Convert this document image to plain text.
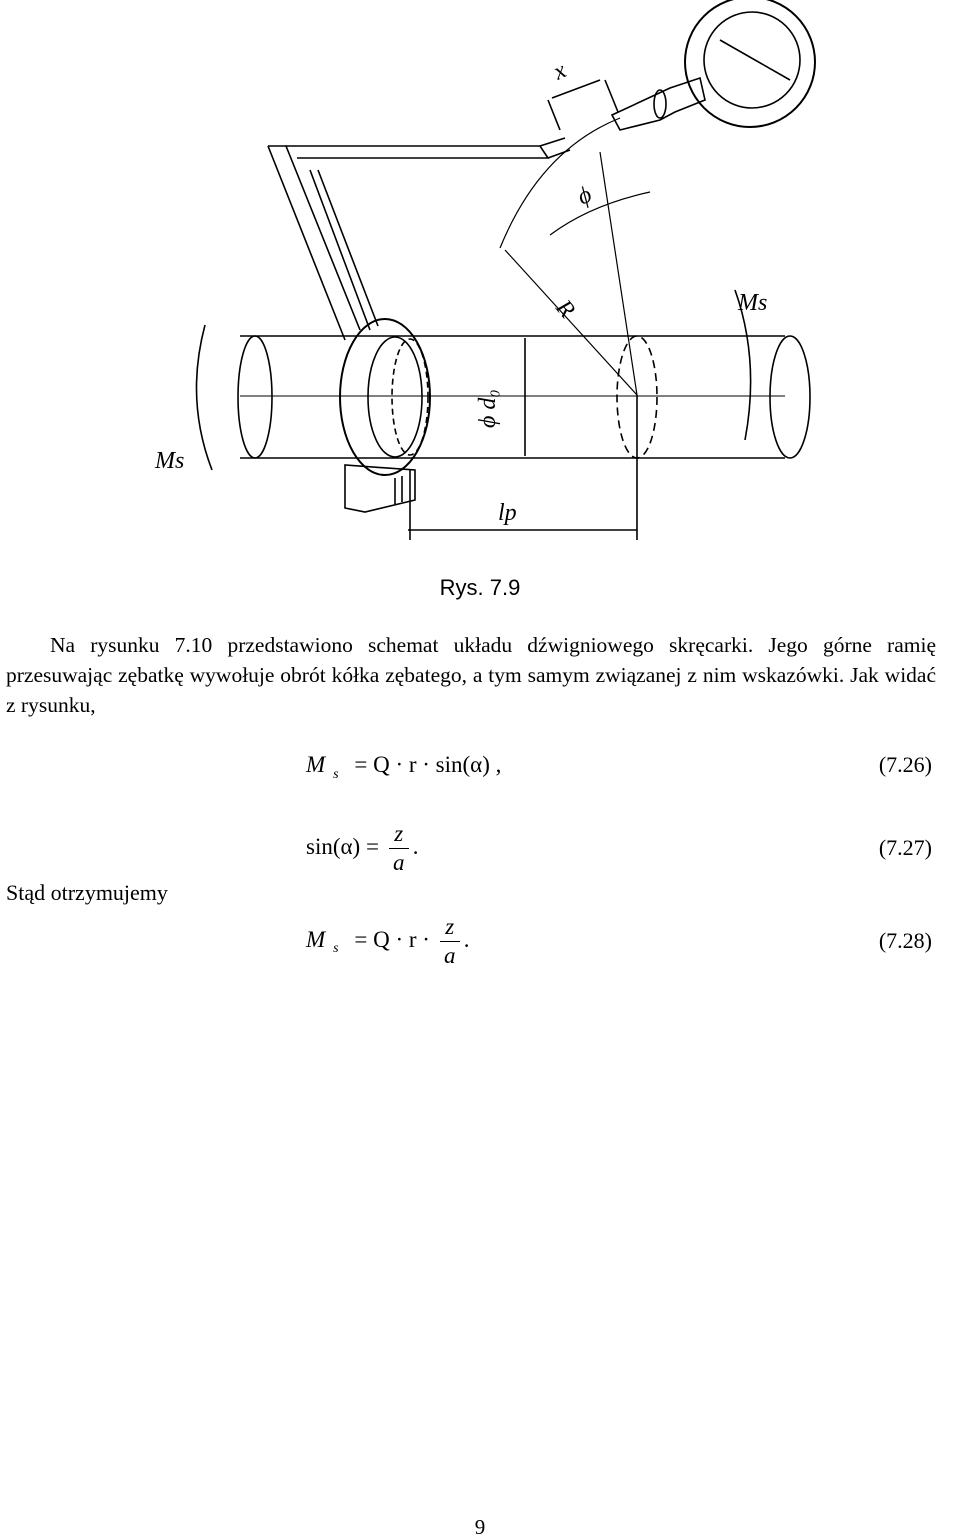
x
ϕ
R	Ms
Ms
ϕ d₀
lp
Rys. 7.9
Na rysunku 7.10 przedstawiono schemat układu dźwigniowego skręcarki. Jego górne ramię przesuwając zębatkę wywołuje obrót kółka zębatego, a tym samym związanej z nim wskazówki. Jak widać z rysunku,
M $_s$ = Q · r · sin(α) ,	(7.26)
$\sin(\alpha) = \frac{z}{a}$ .	(7.27)
Stąd otrzymujemy
M $_s = Q \cdot r \cdot \frac{z}{a}$ .	(7.28)
9
